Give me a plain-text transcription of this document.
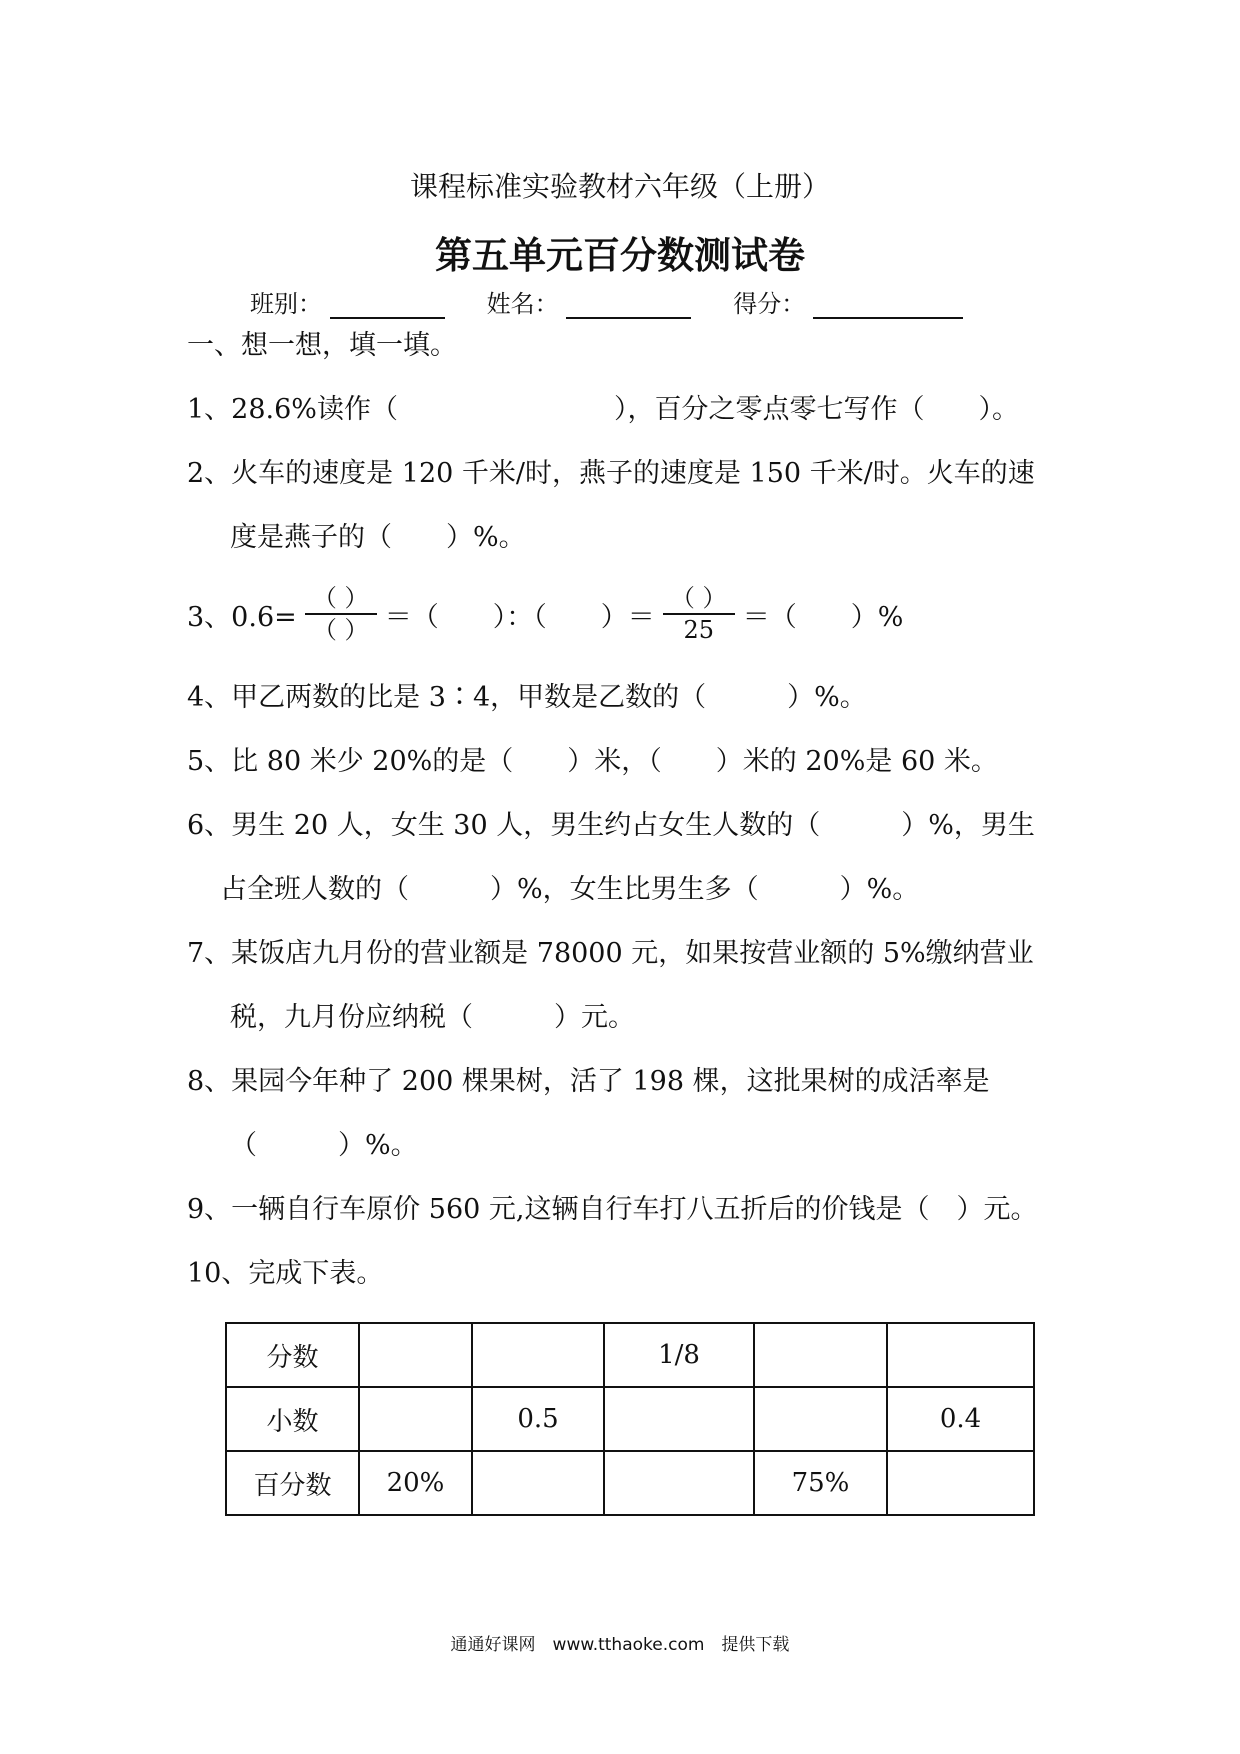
课程标准实验教材六年级（上册）
第五单元百分数测试卷
班别：	姓名：	得分：
一、想一想，填一填。
1、28.6%读作（　　　　　　　　），百分之零点零七写作（　　）。
2、火车的速度是 120 千米/时，燕子的速度是 150 千米/时。火车的速
度是燕子的（　　）%。
3、$0.6= \frac{( )}{( )}$ ＝（　　）：（　　）＝ $\frac{( )}{25}$ ＝（　　）%
4、甲乙两数的比是 3∶4，甲数是乙数的（　　　）%。
5、比 80 米少 20%的是（　　）米，（　　）米的 20%是 60 米。
6、男生 20 人，女生 30 人，男生约占女生人数的（　　　）%，男生
占全班人数的（　　　）%，女生比男生多（　　　）%。
7、某饭店九月份的营业额是 78000 元，如果按营业额的 5%缴纳营业
税，九月份应纳税（　　　）元。
8、果园今年种了 200 棵果树，活了 198 棵，这批果树的成活率是
（　　　）%。
9、一辆自行车原价 560 元,这辆自行车打八五折后的价钱是（　）元。
10、完成下表。
分数			1/8		
小数		0.5			0.4
百分数	20%			75%	
通通好课网　www.tthaoke.com　提供下载
